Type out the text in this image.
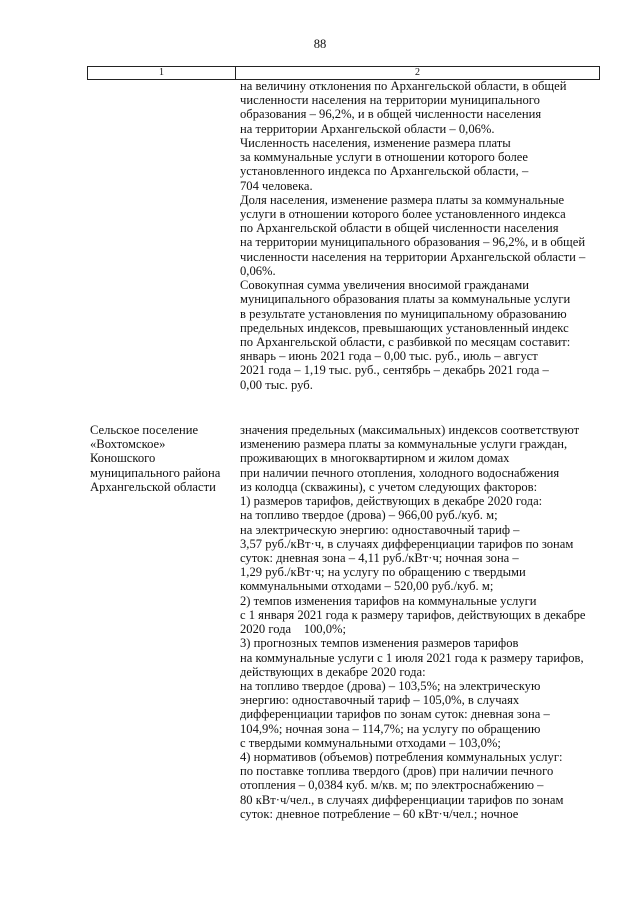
88
1	2

на величину отклонения по Архангельской области, в общей
численности населения на территории муниципального
образования – 96,2%, и в общей численности населения
на территории Архангельской области – 0,06%.
Численность населения, изменение размера платы
за коммунальные услуги в отношении которого более
установленного индекса по Архангельской области, –
704 человека.
Доля населения, изменение размера платы за коммунальные
услуги в отношении которого более установленного индекса
по Архангельской области в общей численности населения
на территории муниципального образования – 96,2%, и в общей
численности населения на территории Архангельской области –
0,06%.
Совокупная сумма увеличения вносимой гражданами
муниципального образования платы за коммунальные услуги
в результате установления по муниципальному образованию
предельных индексов, превышающих установленный индекс
по Архангельской области, с разбивкой по месяцам составит:
январь – июнь 2021 года – 0,00 тыс. руб., июль – август
2021 года – 1,19 тыс. руб., сентябрь – декабрь 2021 года –
0,00 тыс. руб.

Сельское поселение
«Вохтомское»
Коношского
муниципального района
Архангельской области

значения предельных (максимальных) индексов соответствуют
изменению размера платы за коммунальные услуги граждан,
проживающих в многоквартирном и жилом домах
при наличии печного отопления, холодного водоснабжения
из колодца (скважины), с учетом следующих факторов:
1) размеров тарифов, действующих в декабре 2020 года:
на топливо твердое (дрова) – 966,00 руб./куб. м;
на электрическую энергию: одноставочный тариф –
3,57 руб./кВт·ч, в случаях дифференциации тарифов по зонам
суток: дневная зона – 4,11 руб./кВт·ч; ночная зона –
1,29 руб./кВт·ч; на услугу по обращению с твердыми
коммунальными отходами – 520,00 руб./куб. м;
2) темпов изменения тарифов на коммунальные услуги
с 1 января 2021 года к размеру тарифов, действующих в декабре
2020 года    100,0%;
3) прогнозных темпов изменения размеров тарифов
на коммунальные услуги с 1 июля 2021 года к размеру тарифов,
действующих в декабре 2020 года:
на топливо твердое (дрова) – 103,5%; на электрическую
энергию: одноставочный тариф – 105,0%, в случаях
дифференциации тарифов по зонам суток: дневная зона –
104,9%; ночная зона – 114,7%; на услугу по обращению
с твердыми коммунальными отходами – 103,0%;
4) нормативов (объемов) потребления коммунальных услуг:
по поставке топлива твердого (дров) при наличии печного
отопления – 0,0384 куб. м/кв. м; по электроснабжению –
80 кВт·ч/чел., в случаях дифференциации тарифов по зонам
суток: дневное потребление – 60 кВт·ч/чел.; ночное
